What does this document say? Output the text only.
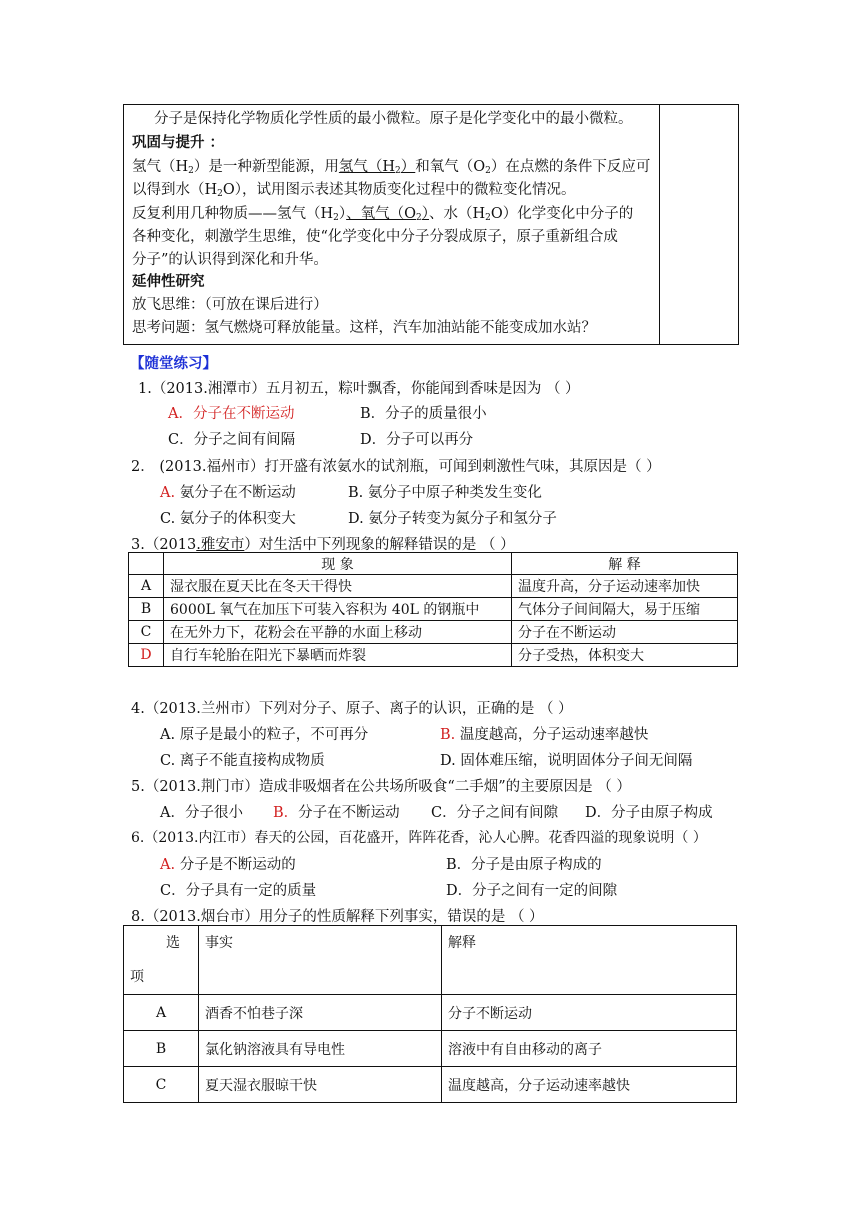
分子是保持化学物质化学性质的最小微粒。原子是化学变化中的最小微粒。
巩固与提升 ：
氢气$(H_2)$是一种新型能源，用氢气$(H_2)$和氧气$(O_2)$在点燃的条件下反应可
以得到水$(H_2O)$，试用图示表述其物质变化过程中的微粒变化情况。
反复利用几种物质——氢气$(H_2)$、氧气$(O_2)$、水$(H_2O)$化学变化中分子的
各种变化，刺激学生思维，使“化学变化中分子分裂成原子，原子重新组合成
分子”的认识得到深化和升华。
延伸性研究
放飞思维：（可放在课后进行）
思考问题：氢气燃烧可释放能量。这样，汽车加油站能不能变成加水站？
【随堂练习】
1.（2013.湘潭市）五月初五，粽叶飘香，你能闻到香味是因为 （ ）
A．分子在不断运动	B．分子的质量很小
C．分子之间有间隔	D．分子可以再分
2． (2013.福州市）打开盛有浓氨水的试剂瓶，可闻到刺激性气味，其原因是（ ）
A. 氨分子在不断运动	B. 氨分子中原子种类发生变化
C. 氨分子的体积变大	D. 氨分子转变为氮分子和氢分子
3.（2013.雅安市）对生活中下列现象的解释错误的是 （ ）
	现 象	解 释
A	湿衣服在夏天比在冬天干得快	温度升高，分子运动速率加快
B	6000L 氧气在加压下可装入容积为 40L 的钢瓶中	气体分子间间隔大，易于压缩
C	在无外力下，花粉会在平静的水面上移动	分子在不断运动
D	自行车轮胎在阳光下暴晒而炸裂	分子受热，体积变大
4.（2013.兰州市）下列对分子、原子、离子的认识，正确的是 （ ）
A. 原子是最小的粒子，不可再分	B. 温度越高，分子运动速率越快
C. 离子不能直接构成物质	D. 固体难压缩，说明固体分子间无间隔
5.（2013.荆门市）造成非吸烟者在公共场所吸食“二手烟”的主要原因是 （ ）
A．分子很小 B．分子在不断运动 C．分子之间有间隙 D．分子由原子构成
6.（2013.内江市）春天的公园，百花盛开，阵阵花香，沁人心脾。花香四溢的现象说明（ ）
A. 分子是不断运动的	B．分子是由原子构成的
C．分子具有一定的质量	D．分子之间有一定的间隙
8.（2013.烟台市）用分子的性质解释下列事实，错误的是 （ ）
选
项	事实	解释
A	酒香不怕巷子深	分子不断运动
B	氯化钠溶液具有导电性	溶液中有自由移动的离子
C	夏天湿衣服晾干快	温度越高，分子运动速率越快
